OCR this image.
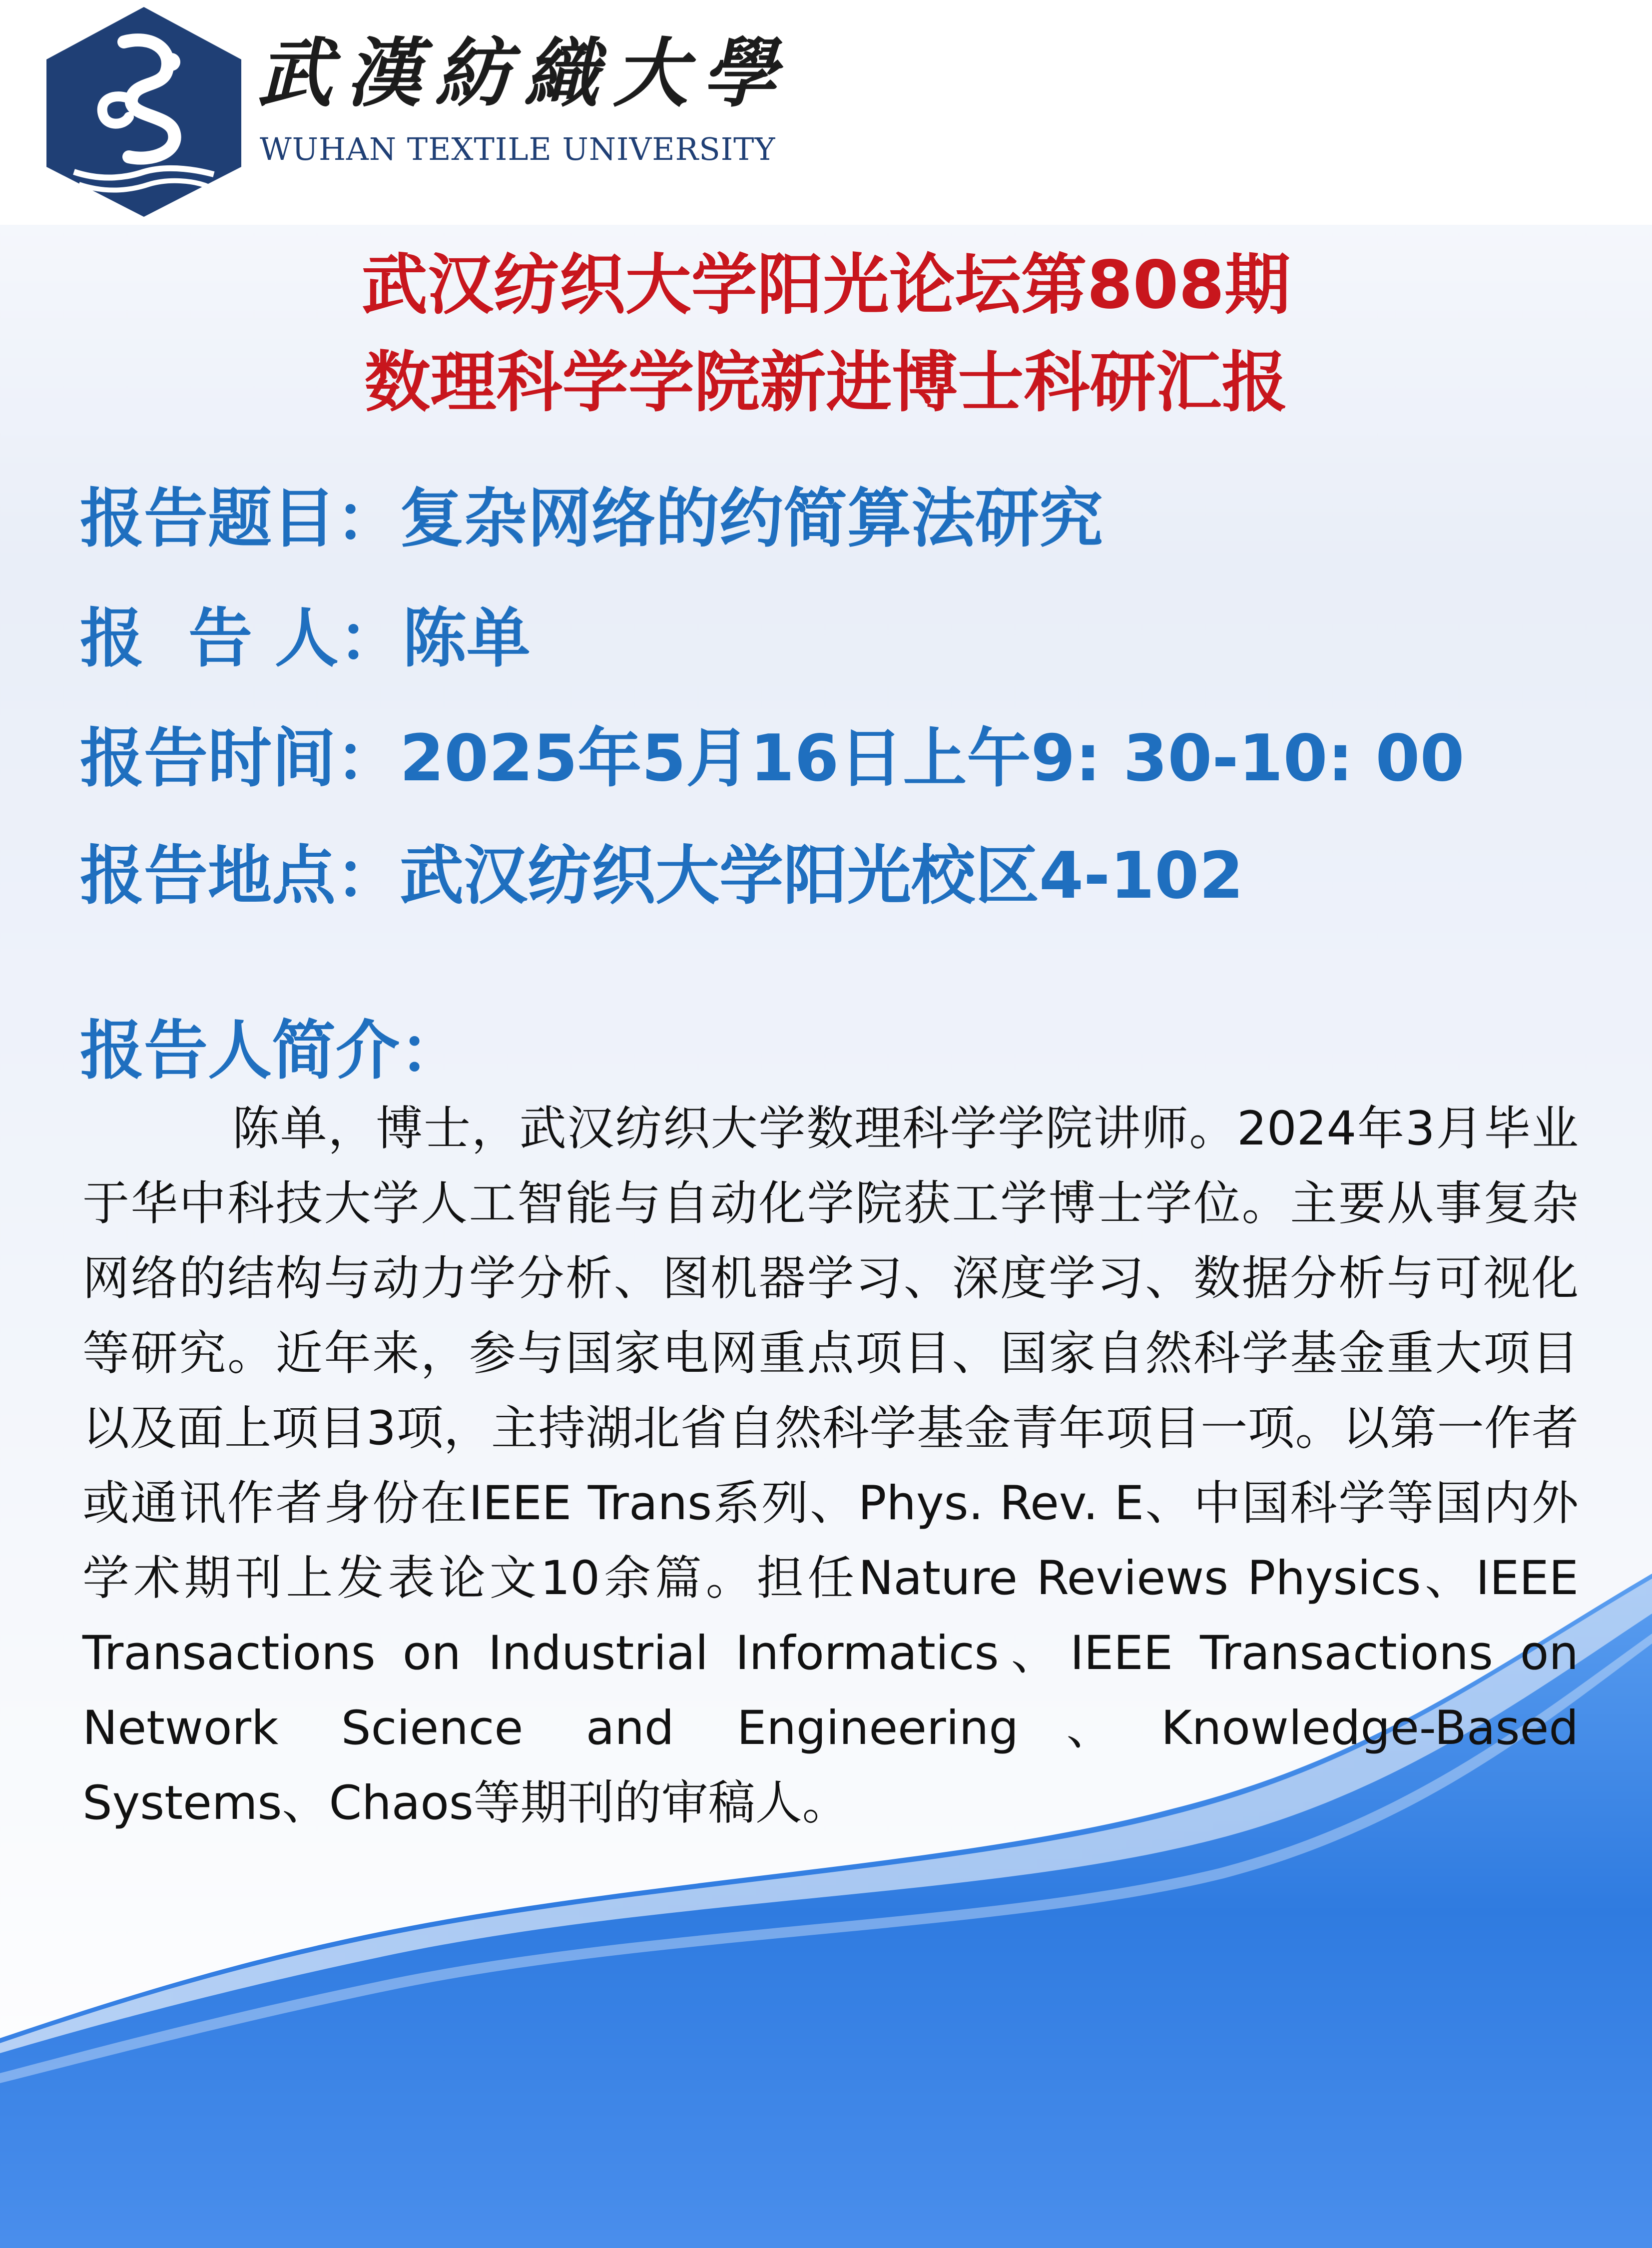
武漢紡織大學
WUHAN TEXTILE UNIVERSITY
武汉纺织大学阳光论坛第808期
数理科学学院新进博士科研汇报
报告题目：复杂网络的约简算法研究
报  告 人：陈单
报告时间：2025年5月16日上午9: 30-10: 00
报告地点：武汉纺织大学阳光校区4-102
报告人简介：
陈单，博士，武汉纺织大学数理科学学院讲师。2024年3月毕业于华中科技大学人工智能与自动化学院获工学博士学位。主要从事复杂网络的结构与动力学分析、图机器学习、深度学习、数据分析与可视化等研究。近年来，参与国家电网重点项目、国家自然科学基金重大项目以及面上项目3项，主持湖北省自然科学基金青年项目一项。以第一作者或通讯作者身份在IEEE Trans系列、Phys. Rev. E、中国科学等国内外学术期刊上发表论文10余篇。担任Nature Reviews Physics、IEEE Transactions on Industrial Informatics、IEEE Transactions on Network Science and Engineering、Knowledge-Based Systems、Chaos等期刊的审稿人。
